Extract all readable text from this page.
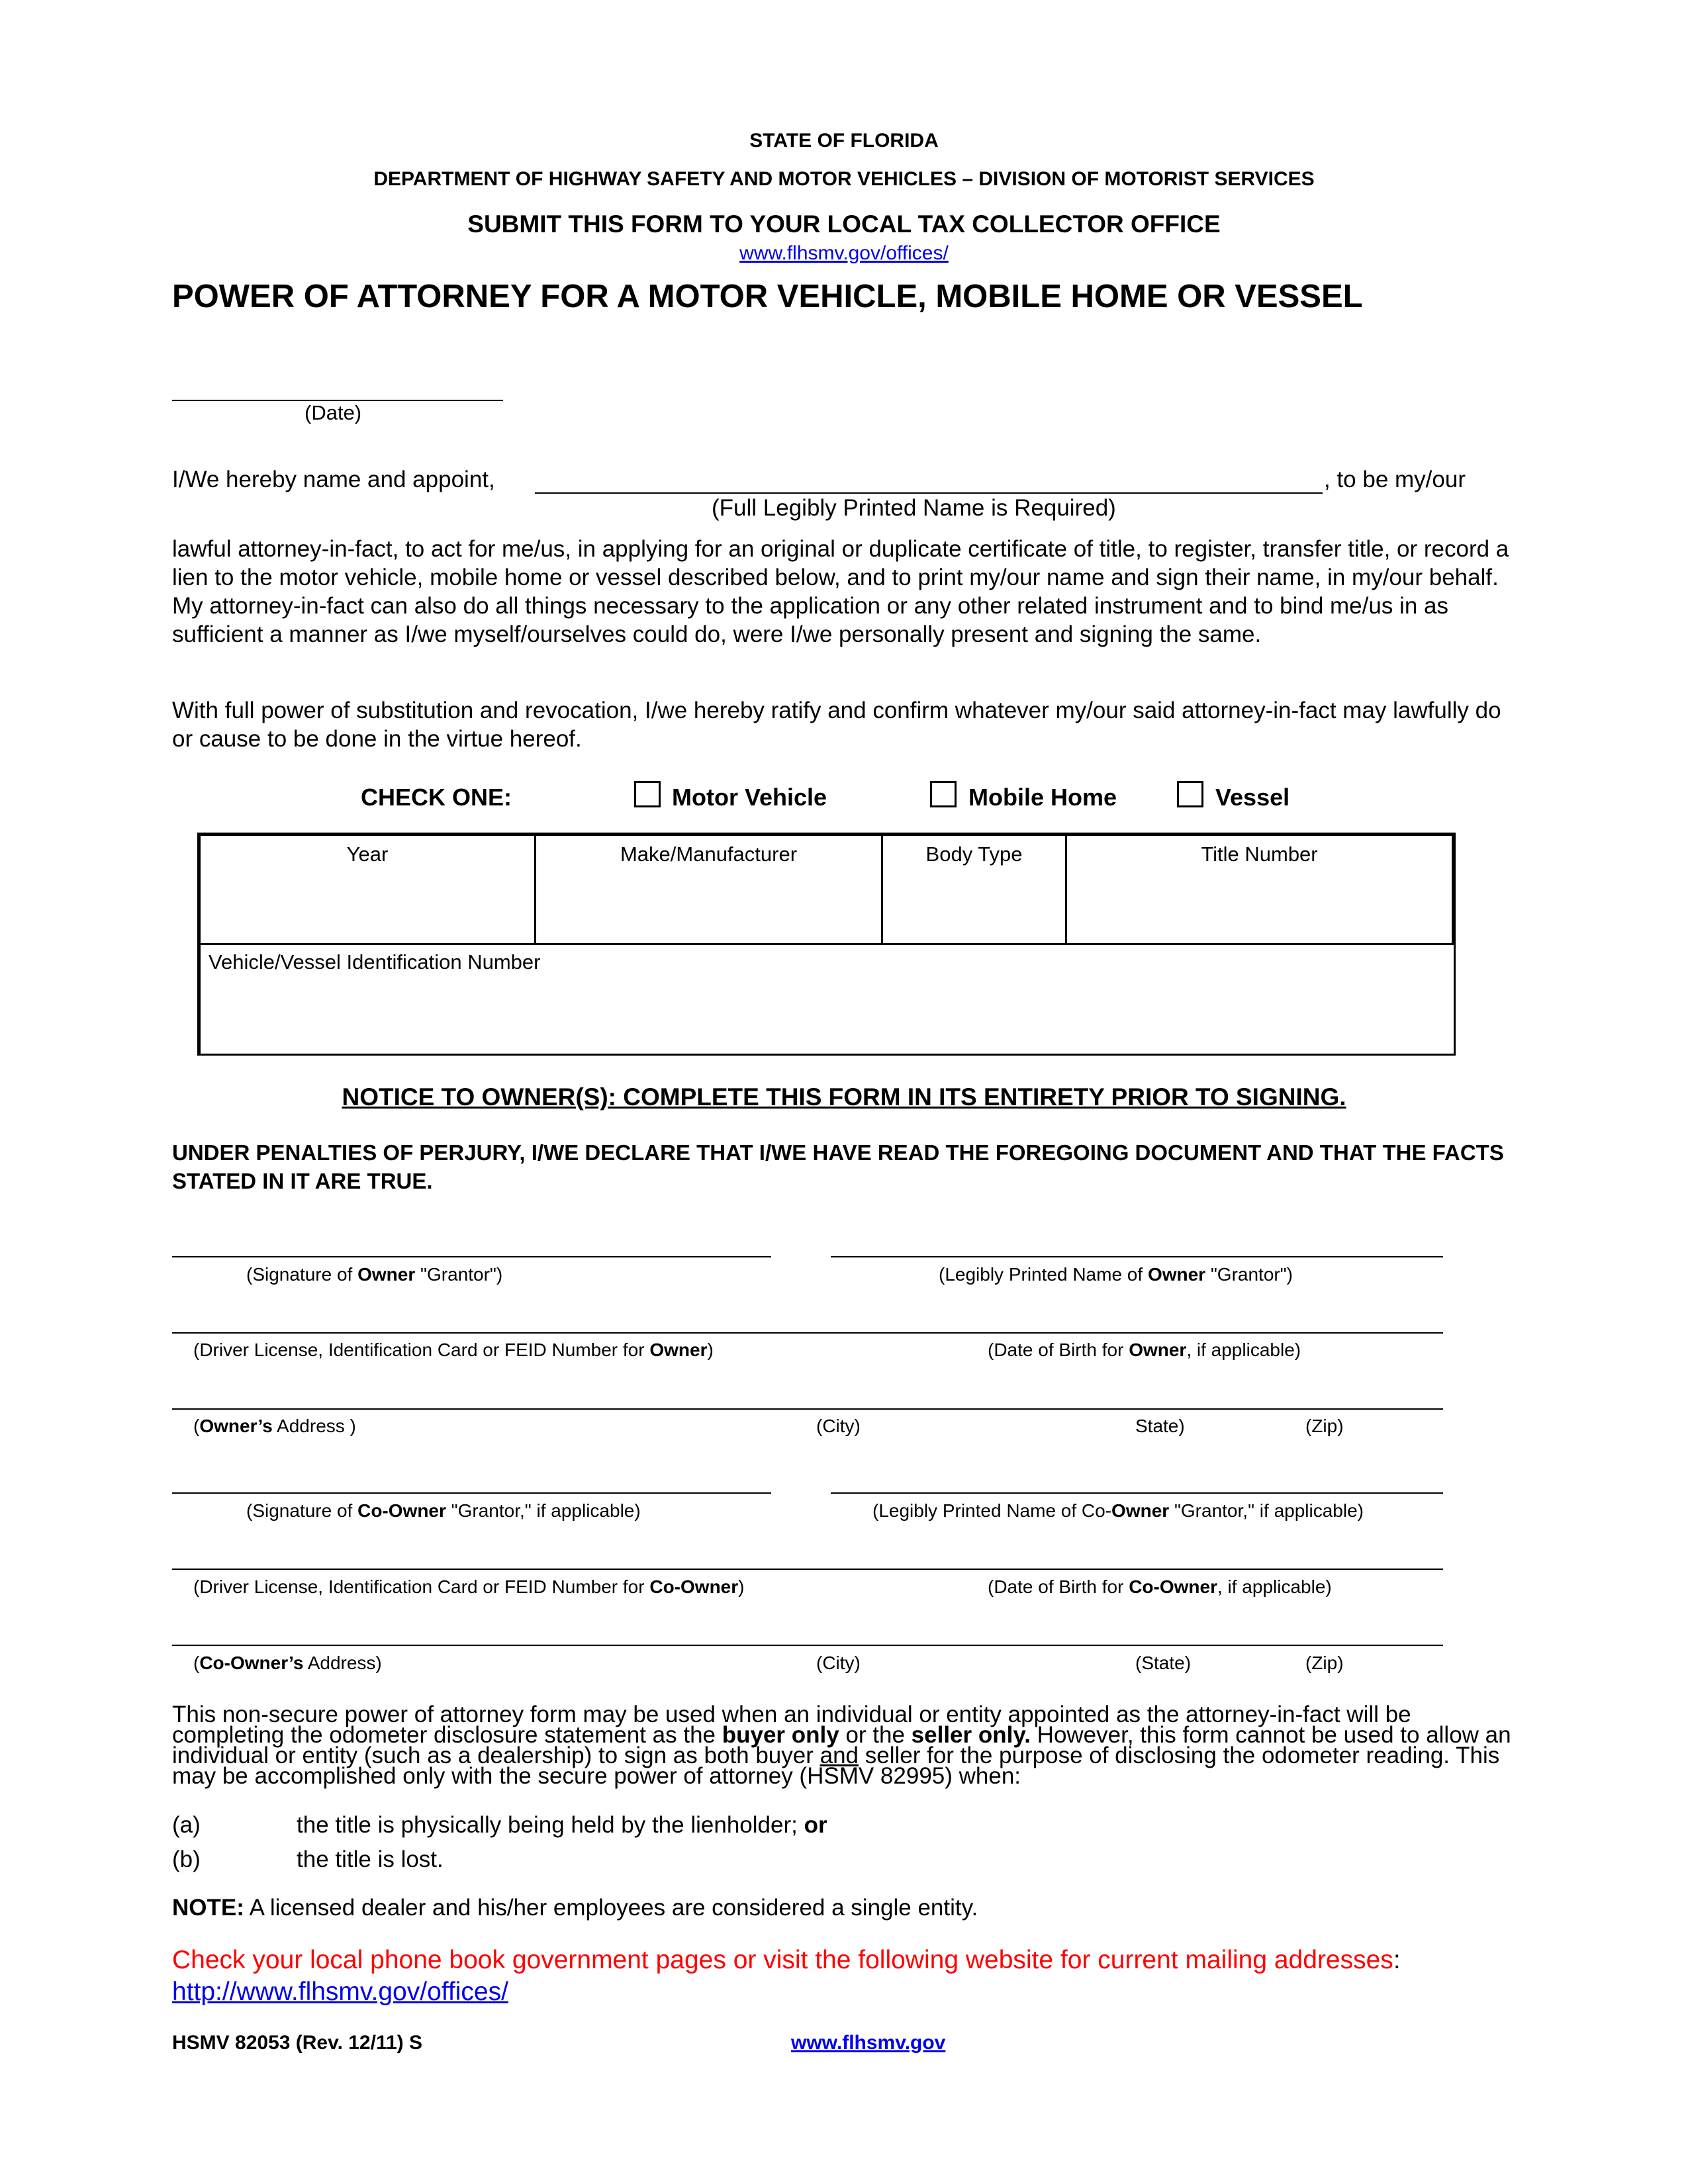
STATE OF FLORIDA
DEPARTMENT OF HIGHWAY SAFETY AND MOTOR VEHICLES – DIVISION OF MOTORIST SERVICES
SUBMIT THIS FORM TO YOUR LOCAL TAX COLLECTOR OFFICE
www.flhsmv.gov/offices/
POWER OF ATTORNEY FOR A MOTOR VEHICLE, MOBILE HOME OR VESSEL
(Date)
I/We hereby name and appoint,	, to be my/our
(Full Legibly Printed Name is Required)
lawful attorney-in-fact, to act for me/us, in applying for an original or duplicate certificate of title, to register, transfer title, or record a lien to the motor vehicle, mobile home or vessel described below, and to print my/our name and sign their name, in my/our behalf. My attorney-in-fact can also do all things necessary to the application or any other related instrument and to bind me/us in as sufficient a manner as I/we myself/ourselves could do, were I/we personally present and signing the same.
With full power of substitution and revocation, I/we hereby ratify and confirm whatever my/our said attorney-in-fact may lawfully do or cause to be done in the virtue hereof.
CHECK ONE:	Motor Vehicle	Mobile Home	Vessel
Year	Make/Manufacturer	Body Type	Title Number
Vehicle/Vessel Identification Number
NOTICE TO OWNER(S): COMPLETE THIS FORM IN ITS ENTIRETY PRIOR TO SIGNING.
UNDER PENALTIES OF PERJURY, I/WE DECLARE THAT I/WE HAVE READ THE FOREGOING DOCUMENT AND THAT THE FACTS STATED IN IT ARE TRUE.
(Signature of Owner "Grantor")	(Legibly Printed Name of Owner "Grantor")
(Driver License, Identification Card or FEID Number for Owner)	(Date of Birth for Owner, if applicable)
(Owner’s Address )	(City)	State)	(Zip)
(Signature of Co-Owner "Grantor," if applicable)	(Legibly Printed Name of Co-Owner "Grantor," if applicable)
(Driver License, Identification Card or FEID Number for Co-Owner)	(Date of Birth for Co-Owner, if applicable)
(Co-Owner’s Address)	(City)	(State)	(Zip)
This non-secure power of attorney form may be used when an individual or entity appointed as the attorney-in-fact will be completing the odometer disclosure statement as the buyer only or the seller only. However, this form cannot be used to allow an individual or entity (such as a dealership) to sign as both buyer and seller for the purpose of disclosing the odometer reading. This may be accomplished only with the secure power of attorney (HSMV 82995) when:
(a)	the title is physically being held by the lienholder; or
(b)	the title is lost.
NOTE: A licensed dealer and his/her employees are considered a single entity.
Check your local phone book government pages or visit the following website for current mailing addresses:
http://www.flhsmv.gov/offices/
HSMV 82053 (Rev. 12/11) S	www.flhsmv.gov
